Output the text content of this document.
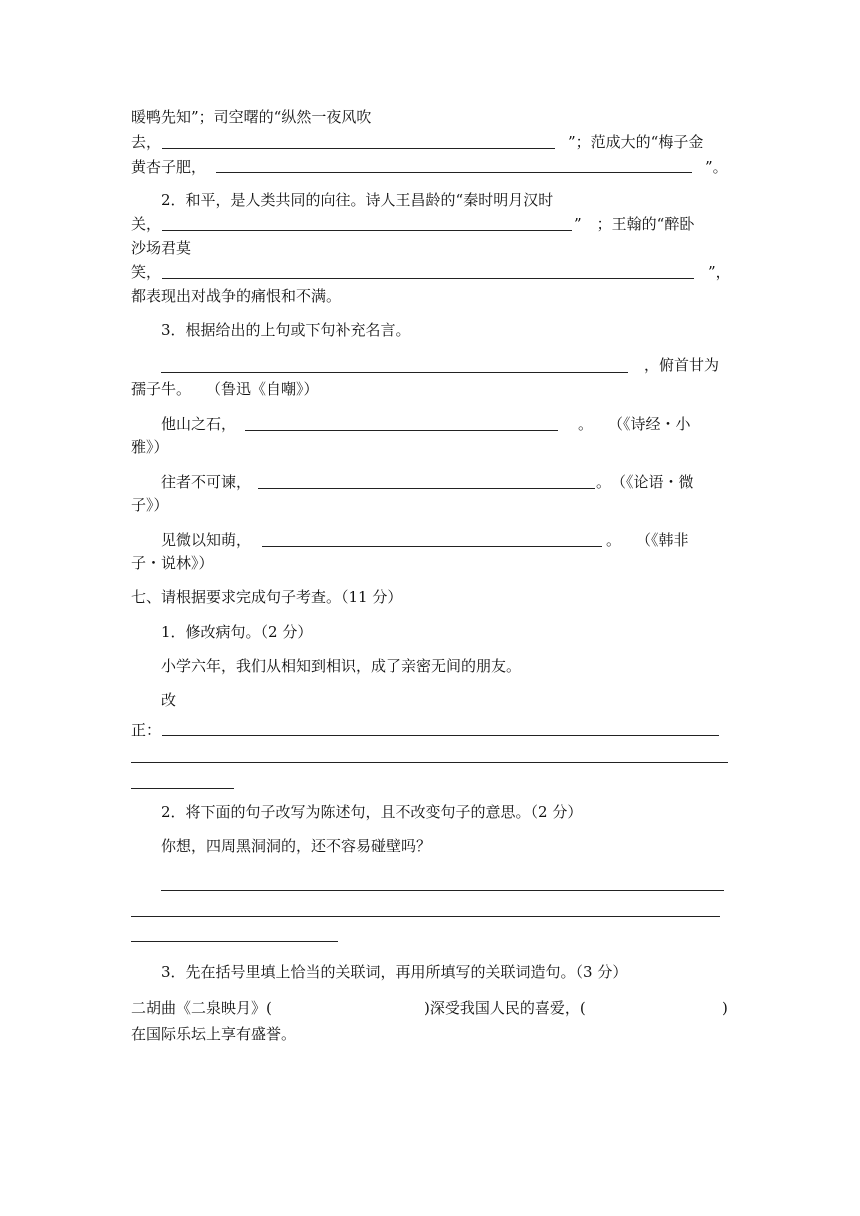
暖鸭先知”；司空曙的“纵然一夜风吹
去，	”；范成大的“梅子金
黄杏子肥，	”。
2．和平，是人类共同的向往。诗人王昌龄的“秦时明月汉时
关，	”　；王翰的“醉卧
沙场君莫
笑，	”，
都表现出对战争的痛恨和不满。
3．根据给出的上句或下句补充名言。
，俯首甘为
孺子牛。　　（鲁迅《自嘲》）
他山之石，	。　　（《诗经・小
雅》）
往者不可谏，	。　（《论语・微
子》）
见微以知萌，	。　　（《韩非
子・说林》）
七、请根据要求完成句子考查。（11 分）
1．修改病句。（2 分）
小学六年，我们从相知到相识，成了亲密无间的朋友。
改
正：
2．将下面的句子改写为陈述句，且不改变句子的意思。（2 分）
你想，四周黑洞洞的，还不容易碰壁吗？
3．先在括号里填上恰当的关联词，再用所填写的关联词造句。（3 分）
二胡曲《二泉映月》(	)深受我国人民的喜爱，(	)
在国际乐坛上享有盛誉。
